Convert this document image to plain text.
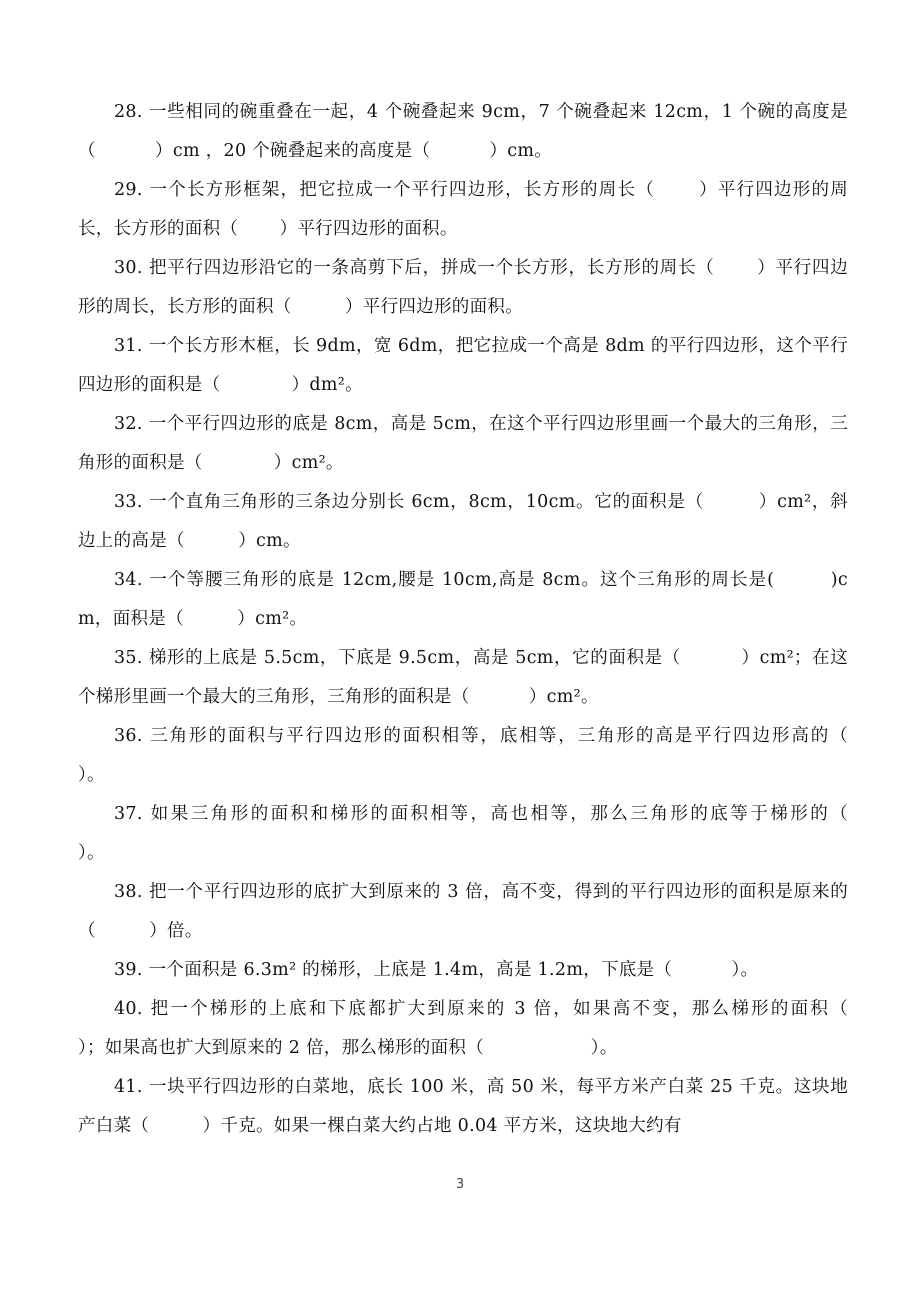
28. 一些相同的碗重叠在一起，4 个碗叠起来 9cm，7 个碗叠起来 12cm，1 个碗的高度是（　　　 ）cm ，20 个碗叠起来的高度是（　　　 ）cm。

29. 一个长方形框架，把它拉成一个平行四边形，长方形的周长（　　 ）平行四边形的周长，长方形的面积（　　 ）平行四边形的面积。

30. 把平行四边形沿它的一条高剪下后，拼成一个长方形，长方形的周长（　　 ）平行四边形的周长，长方形的面积（　　　）平行四边形的面积。

31. 一个长方形木框，长 9dm，宽 6dm，把它拉成一个高是 8dm 的平行四边形，这个平行四边形的面积是（　　　　）dm²。

32. 一个平行四边形的底是 8cm，高是 5cm，在这个平行四边形里画一个最大的三角形，三角形的面积是（　　　　）cm²。

33. 一个直角三角形的三条边分别长 6cm，8cm，10cm。它的面积是（　　　）cm²，斜边上的高是（　　　）cm。

34. 一个等腰三角形的底是 12cm,腰是 10cm,高是 8cm。这个三角形的周长是(　　　)cm，面积是（　　　）cm²。

35. 梯形的上底是 5.5cm，下底是 9.5cm，高是 5cm，它的面积是（　　　 ）cm²；在这个梯形里画一个最大的三角形，三角形的面积是（　　　 ）cm²。

36. 三角形的面积与平行四边形的面积相等，底相等，三角形的高是平行四边形高的（　　　）。

37. 如果三角形的面积和梯形的面积相等，高也相等，那么三角形的底等于梯形的（　　　 ）。

38. 把一个平行四边形的底扩大到原来的 3 倍，高不变，得到的平行四边形的面积是原来的（　　　）倍。

39. 一个面积是 6.3m² 的梯形，上底是 1.4m，高是 1.2m，下底是（　　　 ）。

40. 把一个梯形的上底和下底都扩大到原来的 3 倍，如果高不变，那么梯形的面积（　　　　）；如果高也扩大到原来的 2 倍，那么梯形的面积（　　　　　　）。

41. 一块平行四边形的白菜地，底长 100 米，高 50 米，每平方米产白菜 25 千克。这块地产白菜（　　　）千克。如果一棵白菜大约占地 0.04 平方米，这块地大约有

3
